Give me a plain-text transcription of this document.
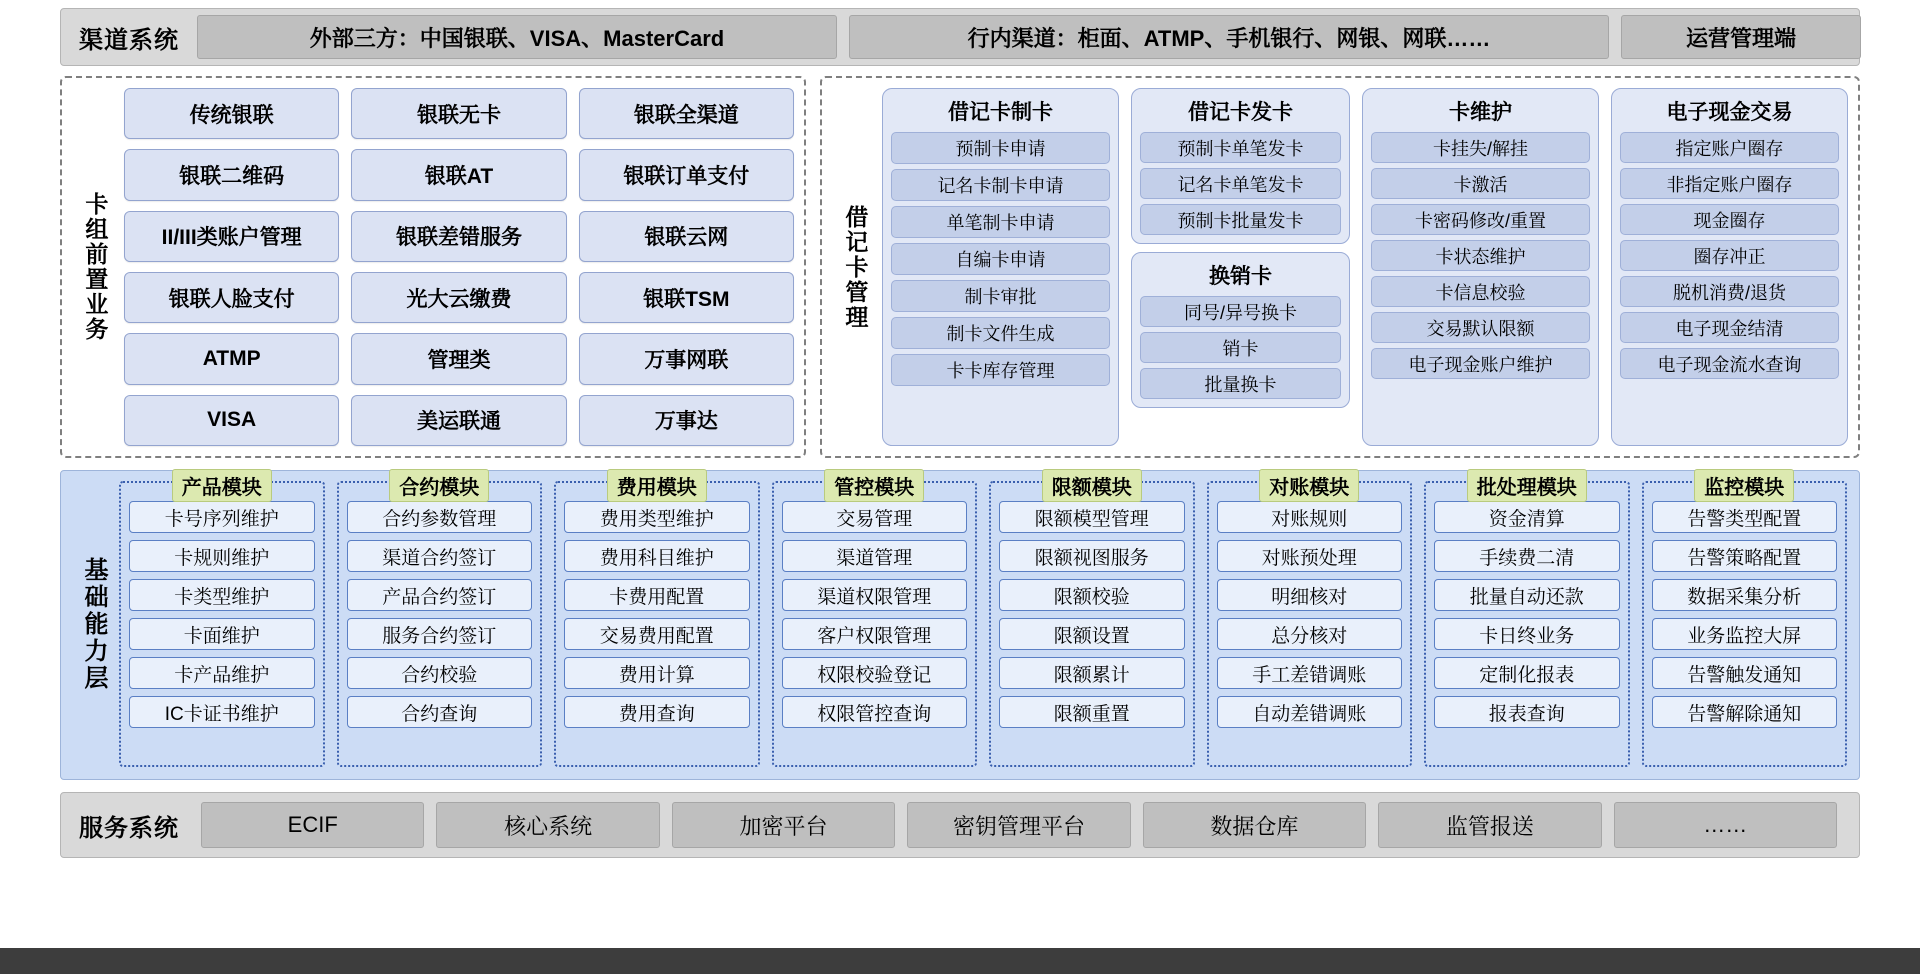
渠道系统	外部三方：中国银联、VISA、MasterCard	行内渠道：柜面、ATMP、手机银行、网银、网联……	运营管理端
卡组前置业务
传统银联	银联无卡	银联全渠道
银联二维码	银联AT	银联订单支付
II/III类账户管理	银联差错服务	银联云网
银联人脸支付	光大云缴费	银联TSM
ATMP	管理类	万事网联
VISA	美运联通	万事达
借记卡管理
借记卡制卡
预制卡申请
记名卡制卡申请
单笔制卡申请
自编卡申请
制卡审批
制卡文件生成
卡卡库存管理
借记卡发卡
预制卡单笔发卡
记名卡单笔发卡
预制卡批量发卡
换销卡
同号/异号换卡
销卡
批量换卡
卡维护
卡挂失/解挂
卡激活
卡密码修改/重置
卡状态维护
卡信息校验
交易默认限额
电子现金账户维护
电子现金交易
指定账户圈存
非指定账户圈存
现金圈存
圈存冲正
脱机消费/退货
电子现金结清
电子现金流水查询
基础能力层
产品模块
卡号序列维护
卡规则维护
卡类型维护
卡面维护
卡产品维护
IC卡证书维护
合约模块
合约参数管理
渠道合约签订
产品合约签订
服务合约签订
合约校验
合约查询
费用模块
费用类型维护
费用科目维护
卡费用配置
交易费用配置
费用计算
费用查询
管控模块
交易管理
渠道管理
渠道权限管理
客户权限管理
权限校验登记
权限管控查询
限额模块
限额模型管理
限额视图服务
限额校验
限额设置
限额累计
限额重置
对账模块
对账规则
对账预处理
明细核对
总分核对
手工差错调账
自动差错调账
批处理模块
资金清算
手续费二清
批量自动还款
卡日终业务
定制化报表
报表查询
监控模块
告警类型配置
告警策略配置
数据采集分析
业务监控大屏
告警触发通知
告警解除通知
服务系统	ECIF	核心系统	加密平台	密钥管理平台	数据仓库	监管报送	……
